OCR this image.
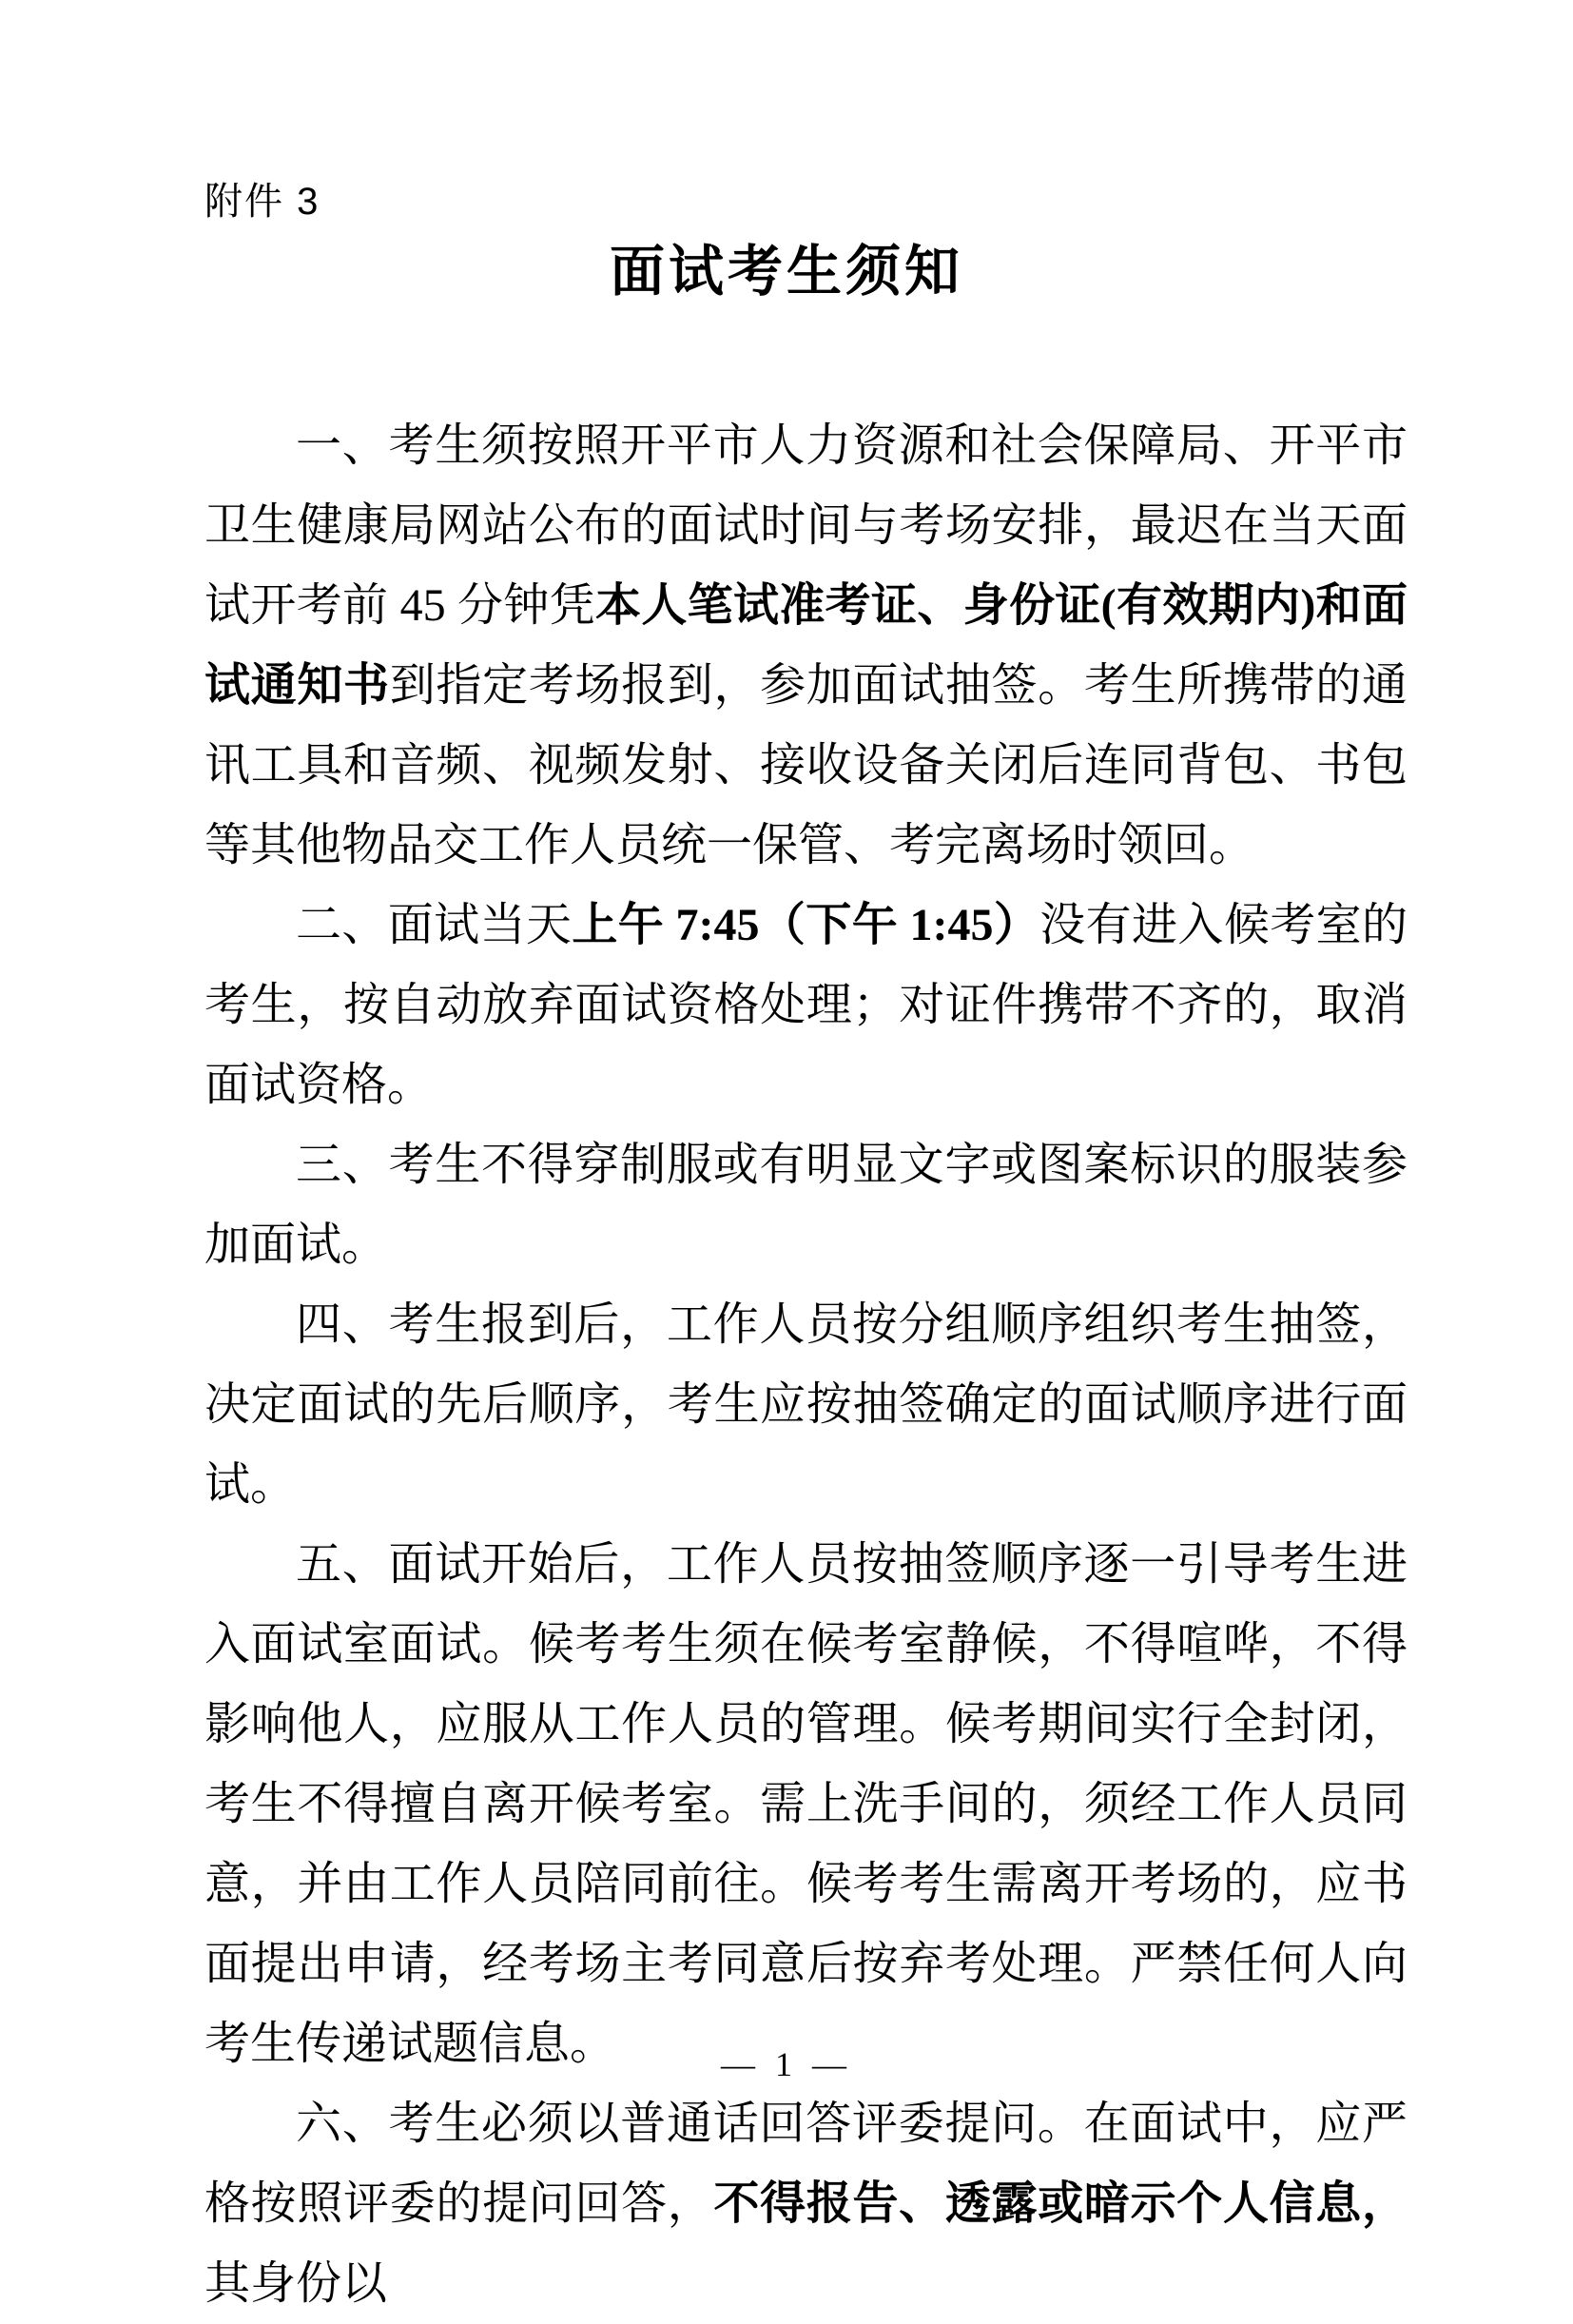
附件 3
面试考生须知

一、考生须按照开平市人力资源和社会保障局、开平市卫生健康局网站公布的面试时间与考场安排，最迟在当天面试开考前 45 分钟凭本人笔试准考证、身份证(有效期内)和面试通知书到指定考场报到，参加面试抽签。考生所携带的通讯工具和音频、视频发射、接收设备关闭后连同背包、书包等其他物品交工作人员统一保管、考完离场时领回。

二、面试当天上午 7:45（下午 1:45）没有进入候考室的考生，按自动放弃面试资格处理；对证件携带不齐的，取消面试资格。

三、考生不得穿制服或有明显文字或图案标识的服装参加面试。

四、考生报到后，工作人员按分组顺序组织考生抽签，决定面试的先后顺序，考生应按抽签确定的面试顺序进行面试。

五、面试开始后，工作人员按抽签顺序逐一引导考生进入面试室面试。候考考生须在候考室静候，不得喧哗，不得影响他人，应服从工作人员的管理。候考期间实行全封闭，考生不得擅自离开候考室。需上洗手间的，须经工作人员同意，并由工作人员陪同前往。候考考生需离开考场的，应书面提出申请，经考场主考同意后按弃考处理。严禁任何人向考生传递试题信息。

六、考生必须以普通话回答评委提问。在面试中，应严格按照评委的提问回答，不得报告、透露或暗示个人信息，其身份以

— 1 —
